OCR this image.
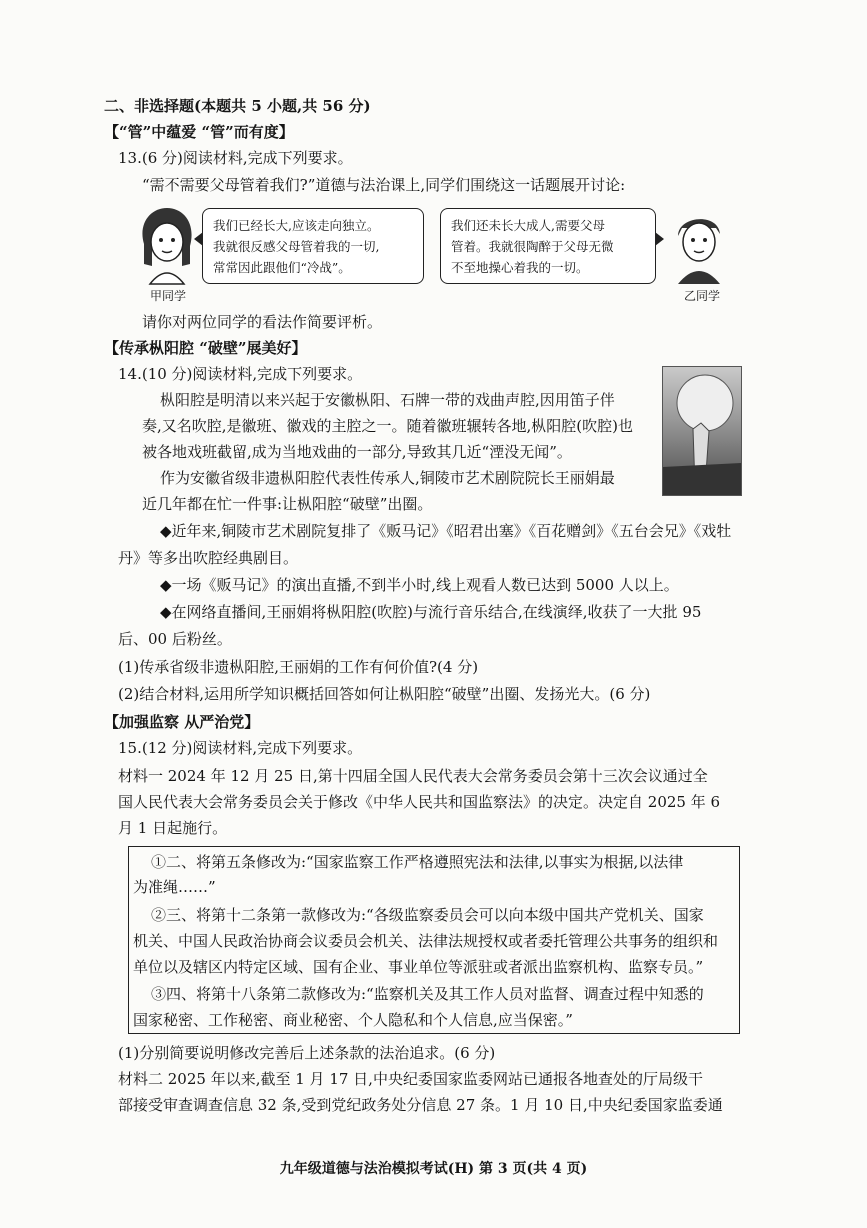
二、非选择题(本题共 5 小题,共 56 分)
【“管”中蕴爱 “管”而有度】
13.(6 分)阅读材料,完成下列要求。
“需不需要父母管着我们?”道德与法治课上,同学们围绕这一话题展开讨论:
我们已经长大,应该走向独立。
我就很反感父母管着我的一切,
常常因此跟他们“冷战”。
甲同学
我们还未长大成人,需要父母
管着。我就很陶醉于父母无微
不至地操心着我的一切。
乙同学
请你对两位同学的看法作简要评析。
【传承枞阳腔 “破壁”展美好】
14.(10 分)阅读材料,完成下列要求。
枞阳腔是明清以来兴起于安徽枞阳、石牌一带的戏曲声腔,因用笛子伴
奏,又名吹腔,是徽班、徽戏的主腔之一。随着徽班辗转各地,枞阳腔(吹腔)也
被各地戏班截留,成为当地戏曲的一部分,导致其几近“湮没无闻”。
作为安徽省级非遗枞阳腔代表性传承人,铜陵市艺术剧院院长王丽娟最
近几年都在忙一件事:让枞阳腔“破壁”出圈。
◆近年来,铜陵市艺术剧院复排了《贩马记》《昭君出塞》《百花赠剑》《五台会兄》《戏牡
丹》等多出吹腔经典剧目。
◆一场《贩马记》的演出直播,不到半小时,线上观看人数已达到 5000 人以上。
◆在网络直播间,王丽娟将枞阳腔(吹腔)与流行音乐结合,在线演绎,收获了一大批 95
后、00 后粉丝。
(1)传承省级非遗枞阳腔,王丽娟的工作有何价值?(4 分)
(2)结合材料,运用所学知识概括回答如何让枞阳腔“破壁”出圈、发扬光大。(6 分)
【加强监察 从严治党】
15.(12 分)阅读材料,完成下列要求。
材料一 2024 年 12 月 25 日,第十四届全国人民代表大会常务委员会第十三次会议通过全
国人民代表大会常务委员会关于修改《中华人民共和国监察法》的决定。决定自 2025 年 6
月 1 日起施行。
①二、将第五条修改为:“国家监察工作严格遵照宪法和法律,以事实为根据,以法律
为准绳……”
②三、将第十二条第一款修改为:“各级监察委员会可以向本级中国共产党机关、国家
机关、中国人民政治协商会议委员会机关、法律法规授权或者委托管理公共事务的组织和
单位以及辖区内特定区域、国有企业、事业单位等派驻或者派出监察机构、监察专员。”
③四、将第十八条第二款修改为:“监察机关及其工作人员对监督、调查过程中知悉的
国家秘密、工作秘密、商业秘密、个人隐私和个人信息,应当保密。”
(1)分别简要说明修改完善后上述条款的法治追求。(6 分)
材料二 2025 年以来,截至 1 月 17 日,中央纪委国家监委网站已通报各地查处的厅局级干
部接受审查调查信息 32 条,受到党纪政务处分信息 27 条。1 月 10 日,中央纪委国家监委通
九年级道德与法治模拟考试(H) 第 3 页(共 4 页)
